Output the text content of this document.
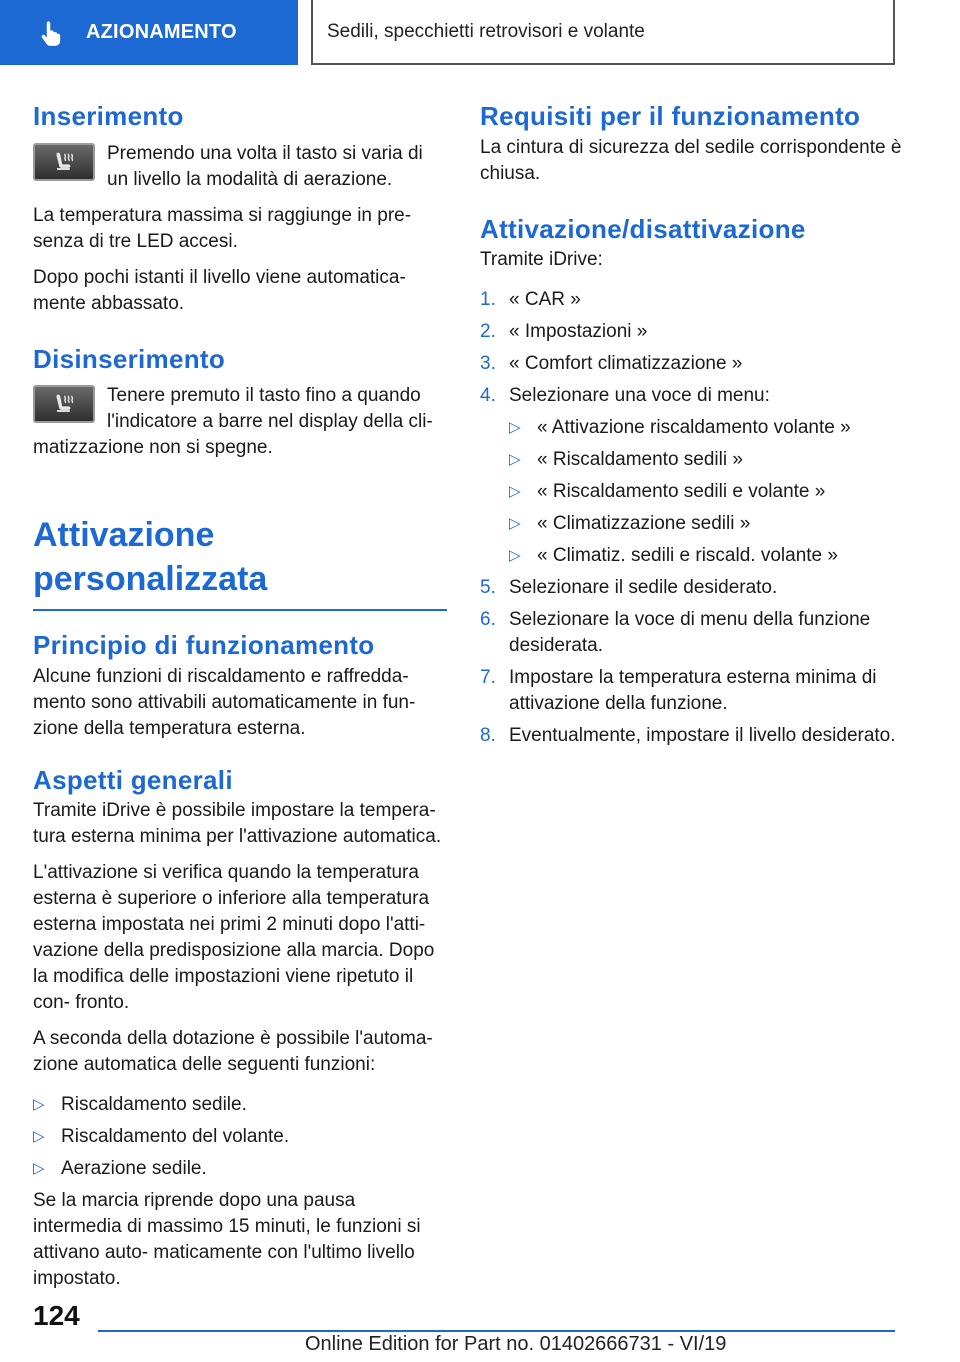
AZIONAMENTO	Sedili, specchietti retrovisori e volante
Inserimento

Premendo una volta il tasto si varia di un livello la modalità di aerazione.

La temperatura massima si raggiunge in pre- senza di tre LED accesi.

Dopo pochi istanti il livello viene automatica- mente abbassato.

Disinserimento

Tenere premuto il tasto fino a quando l'indicatore a barre nel display della cli- matizzazione non si spegne.

Attivazione personalizzata
Principio di funzionamento

Alcune funzioni di riscaldamento e raffredda- mento sono attivabili automaticamente in fun- zione della temperatura esterna.

Aspetti generali

Tramite iDrive è possibile impostare la tempera- tura esterna minima per l'attivazione automatica.

L'attivazione si verifica quando la temperatura esterna è superiore o inferiore alla temperatura esterna impostata nei primi 2 minuti dopo l'atti- vazione della predisposizione alla marcia. Dopo la modifica delle impostazioni viene ripetuto il con- fronto.

A seconda della dotazione è possibile l'automa- zione automatica delle seguenti funzioni:

▷ Riscaldamento sedile.
▷ Riscaldamento del volante.
▷ Aerazione sedile.

Se la marcia riprende dopo una pausa intermedia di massimo 15 minuti, le funzioni si attivano auto- maticamente con l'ultimo livello impostato.

Requisiti per il funzionamento

La cintura di sicurezza del sedile corrispondente è chiusa.

Attivazione/disattivazione

Tramite iDrive:

1. « CAR »
2. « Impostazioni »
3. « Comfort climatizzazione »
4. Selezionare una voce di menu:
▷ « Attivazione riscaldamento volante »
▷ « Riscaldamento sedili »
▷ « Riscaldamento sedili e volante »
▷ « Climatizzazione sedili »
▷ « Climatiz. sedili e riscald. volante »
5. Selezionare il sedile desiderato.
6. Selezionare la voce di menu della funzione desiderata.
7. Impostare la temperatura esterna minima di attivazione della funzione.
8. Eventualmente, impostare il livello desiderato.
124
Online Edition for Part no. 01402666731 - VI/19
